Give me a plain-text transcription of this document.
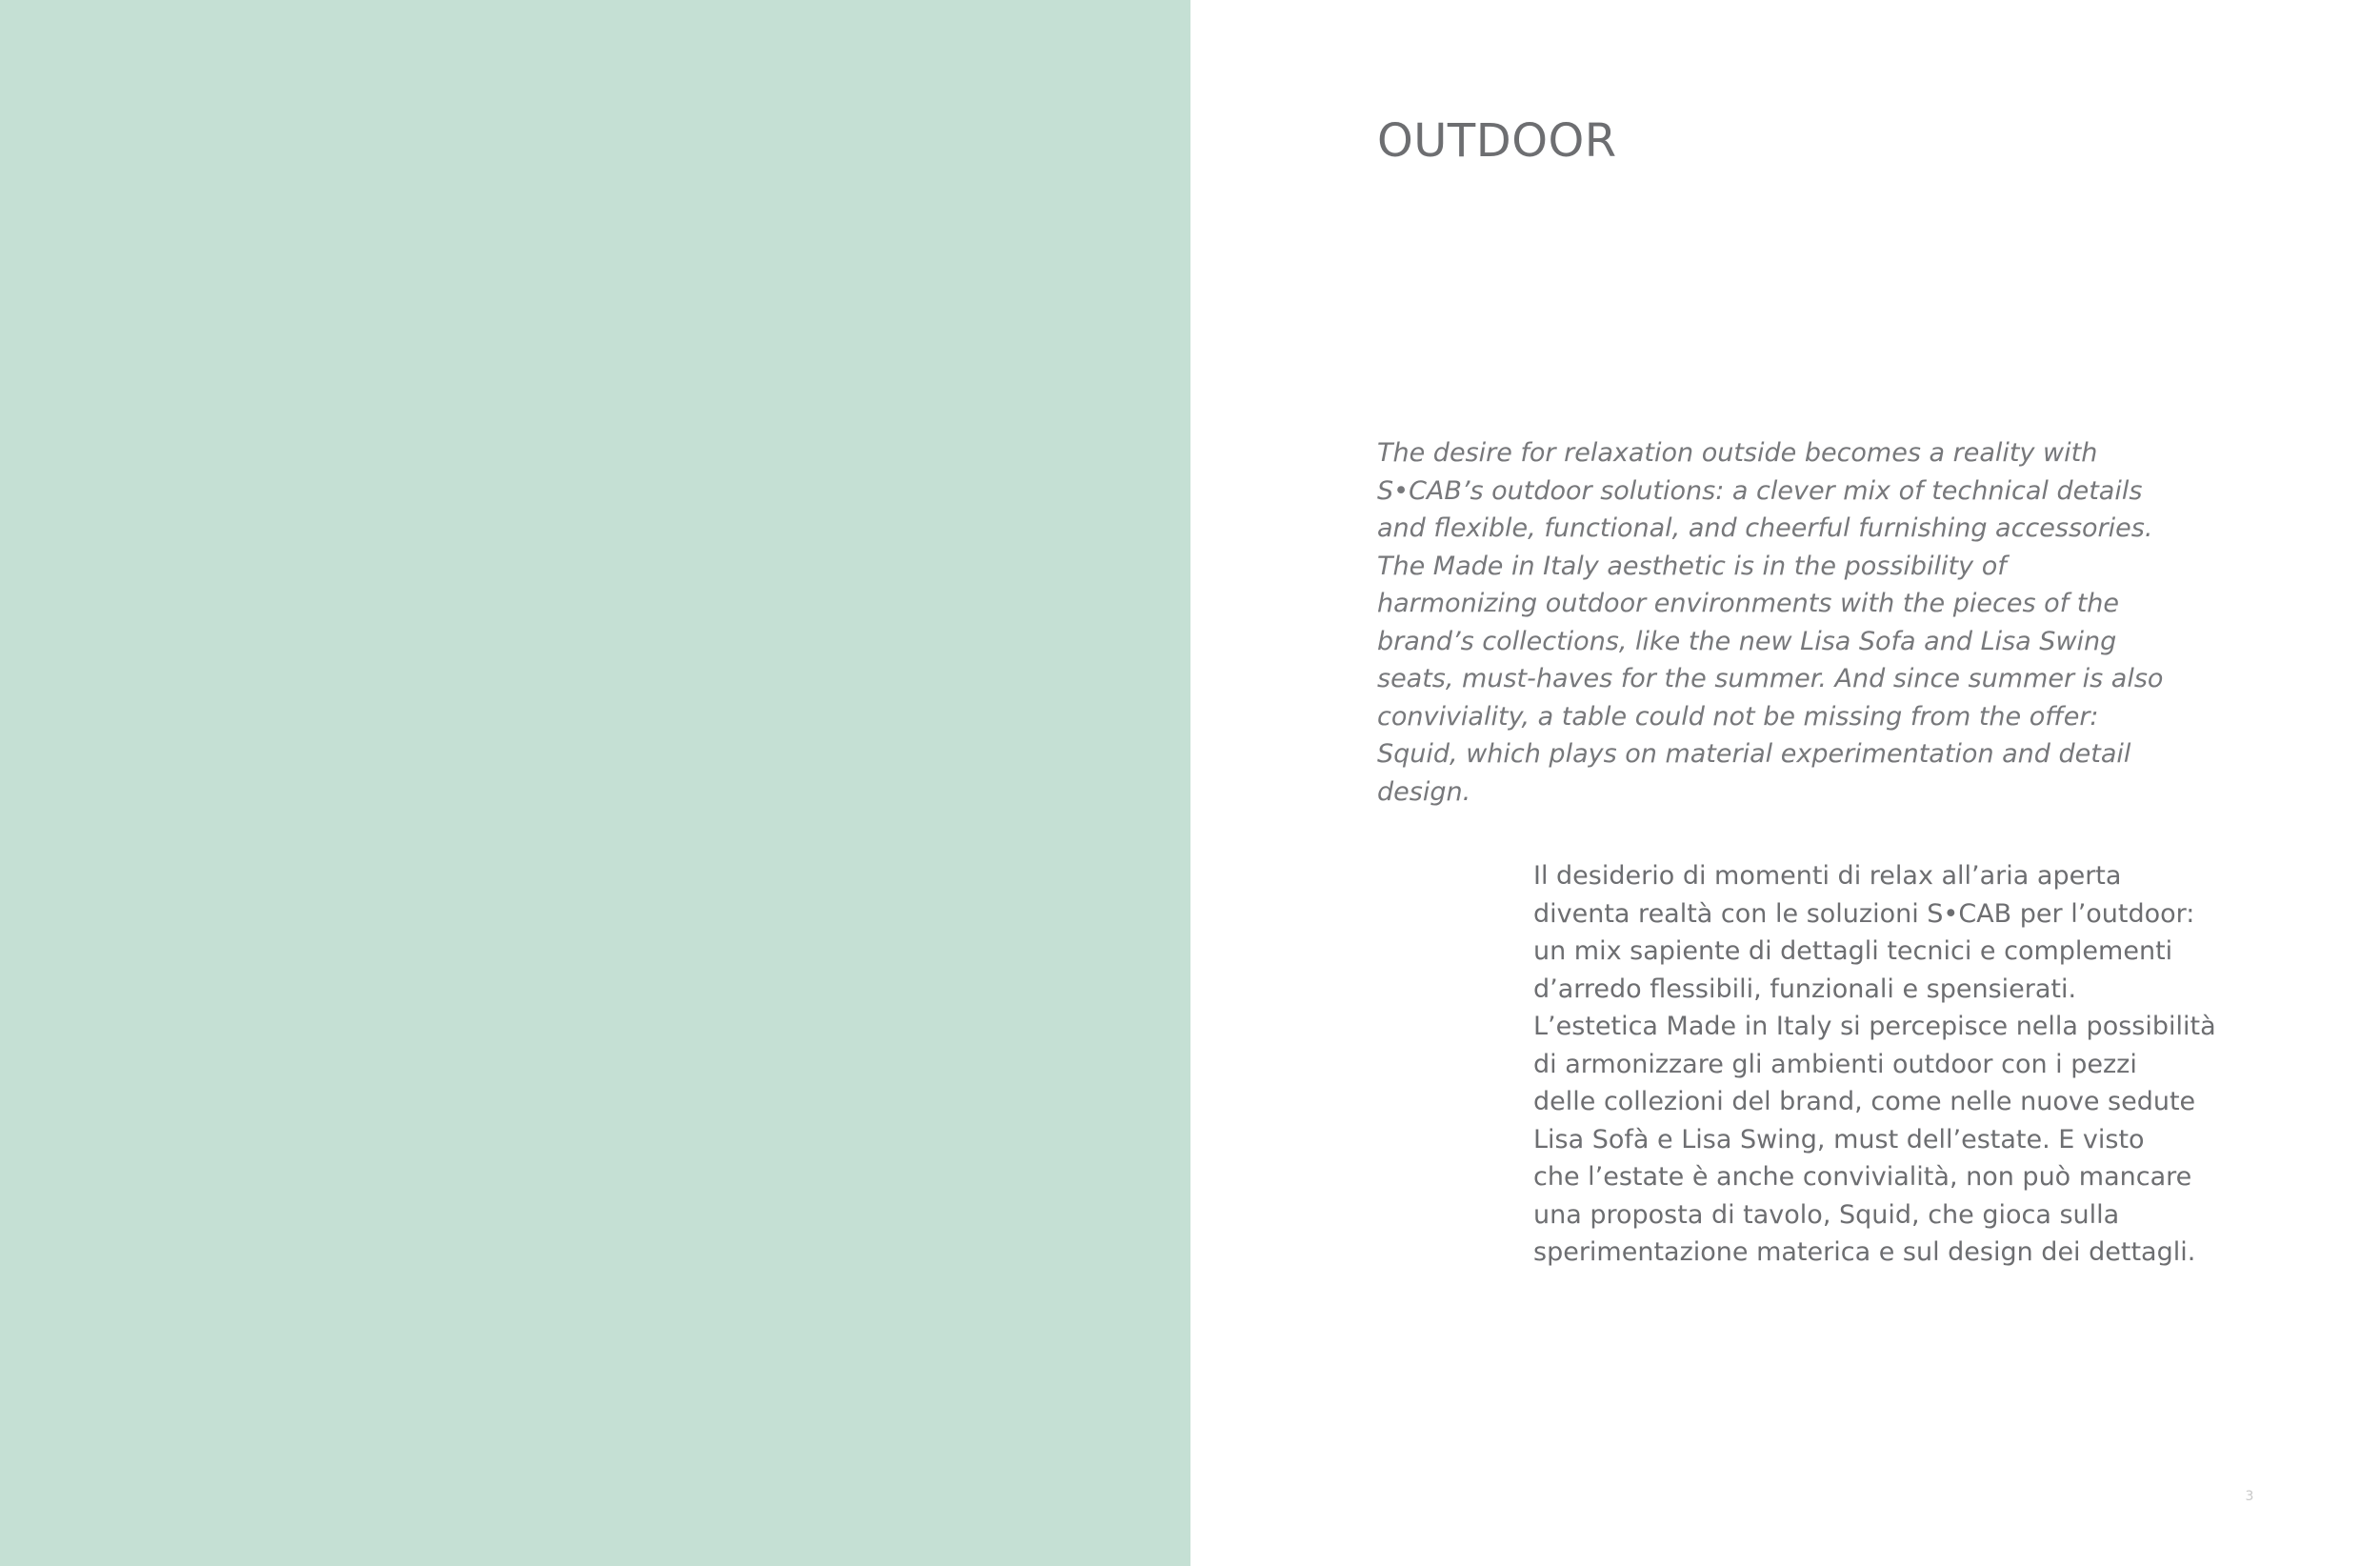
OUTDOOR

The desire for relaxation outside becomes a reality with
S•CAB’s outdoor solutions: a clever mix of technical details
and flexible, functional, and cheerful furnishing accessories.
The Made in Italy aesthetic is in the possibility of
harmonizing outdoor environments with the pieces of the
brand’s collections, like the new Lisa Sofa and Lisa Swing
seats, must-haves for the summer. And since summer is also
conviviality, a table could not be missing from the offer:
Squid, which plays on material experimentation and detail
design.

Il desiderio di momenti di relax all’aria aperta
diventa realtà con le soluzioni S•CAB per l’outdoor:
un mix sapiente di dettagli tecnici e complementi
d’arredo flessibili, funzionali e spensierati.
L’estetica Made in Italy si percepisce nella possibilità
di armonizzare gli ambienti outdoor con i pezzi
delle collezioni del brand, come nelle nuove sedute
Lisa Sofà e Lisa Swing, must dell’estate. E visto
che l’estate è anche convivialità, non può mancare
una proposta di tavolo, Squid, che gioca sulla
sperimentazione materica e sul design dei dettagli.

3
